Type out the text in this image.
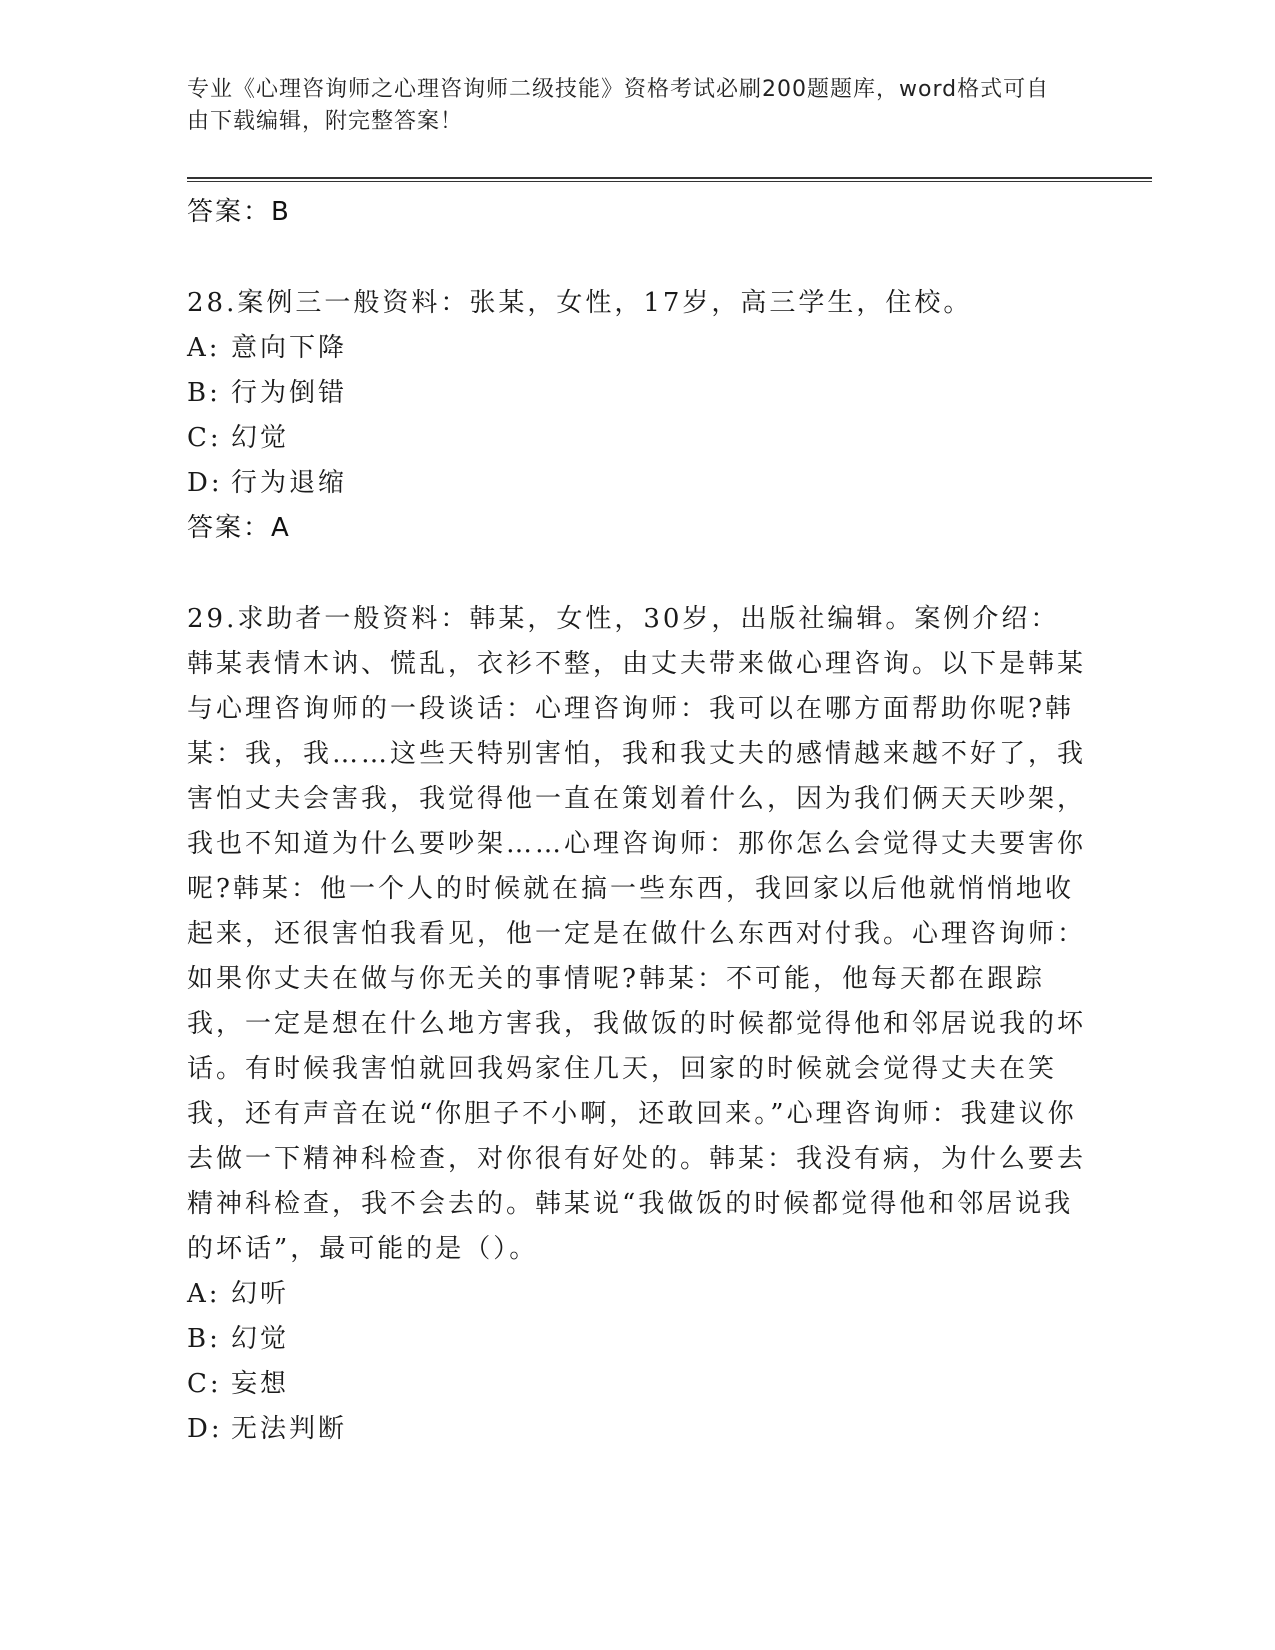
专业《心理咨询师之心理咨询师二级技能》资格考试必刷200题题库，word格式可自由下载编辑，附完整答案！

答案：B

28.案例三一般资料：张某，女性，17岁，高三学生，住校。

A: 意向下降

B: 行为倒错

C: 幻觉

D: 行为退缩

答案：A

29.求助者一般资料：韩某，女性，30岁，出版社编辑。案例介绍：韩某表情木讷、慌乱，衣衫不整，由丈夫带来做心理咨询。以下是韩某与心理咨询师的一段谈话：心理咨询师：我可以在哪方面帮助你呢?韩某：我，我……这些天特别害怕，我和我丈夫的感情越来越不好了，我害怕丈夫会害我，我觉得他一直在策划着什么，因为我们俩天天吵架，我也不知道为什么要吵架……心理咨询师：那你怎么会觉得丈夫要害你呢?韩某：他一个人的时候就在搞一些东西，我回家以后他就悄悄地收起来，还很害怕我看见，他一定是在做什么东西对付我。心理咨询师：如果你丈夫在做与你无关的事情呢?韩某：不可能，他每天都在跟踪我，一定是想在什么地方害我，我做饭的时候都觉得他和邻居说我的坏话。有时候我害怕就回我妈家住几天，回家的时候就会觉得丈夫在笑我，还有声音在说“你胆子不小啊，还敢回来。”心理咨询师：我建议你去做一下精神科检查，对你很有好处的。韩某：我没有病，为什么要去精神科检查，我不会去的。韩某说“我做饭的时候都觉得他和邻居说我的坏话”，最可能的是（）。

A: 幻听

B: 幻觉

C: 妄想

D: 无法判断
